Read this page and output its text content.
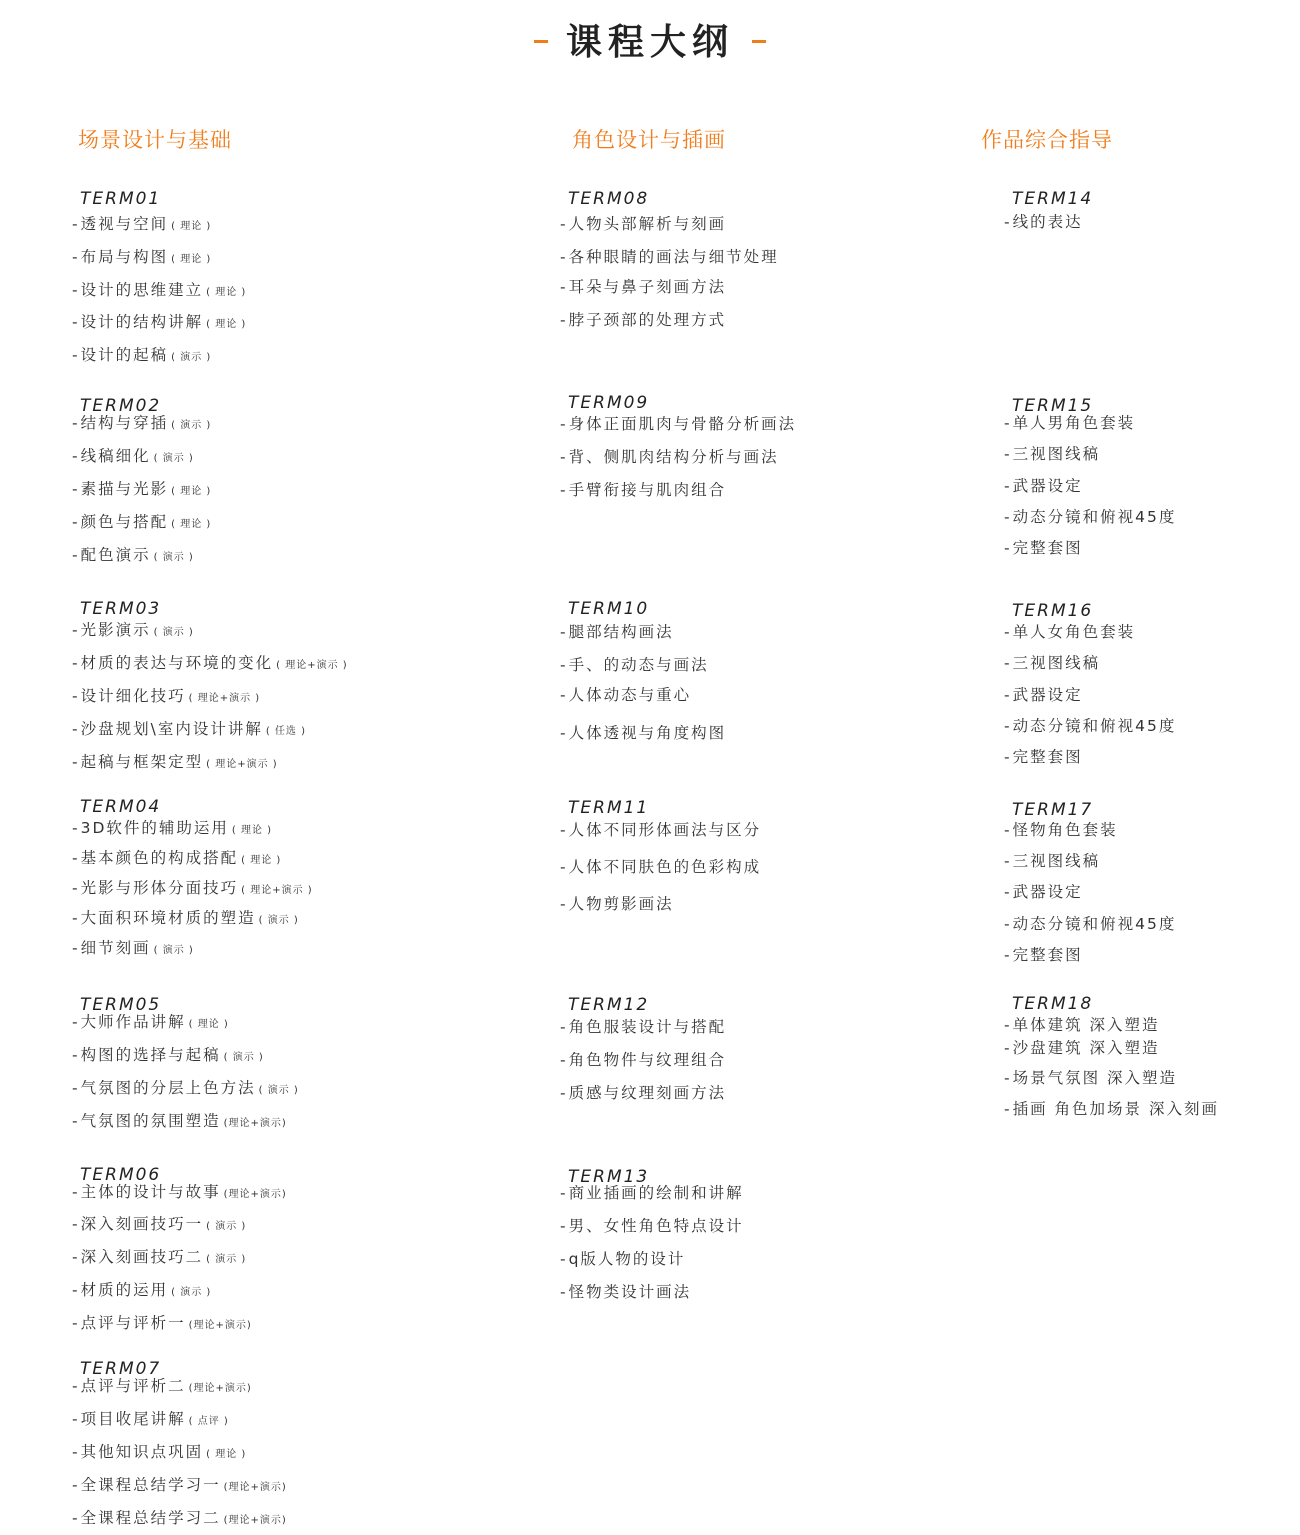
课程大纲
场景设计与基础
TERM01
-透视与空间 ( 理论 )
-布局与构图 ( 理论 )
-设计的思维建立 ( 理论 )
-设计的结构讲解 ( 理论 )
-设计的起稿 ( 演示 )
TERM02
-结构与穿插 ( 演示 )
-线稿细化 ( 演示 )
-素描与光影 ( 理论 )
-颜色与搭配 ( 理论 )
-配色演示 ( 演示 )
TERM03
-光影演示 ( 演示 )
-材质的表达与环境的变化 ( 理论+演示 )
-设计细化技巧 ( 理论+演示 )
-沙盘规划\室内设计讲解 ( 任选 )
-起稿与框架定型 ( 理论+演示 )
TERM04
-3D软件的辅助运用 ( 理论 )
-基本颜色的构成搭配 ( 理论 )
-光影与形体分面技巧 ( 理论+演示 )
-大面积环境材质的塑造 ( 演示 )
-细节刻画 ( 演示 )
TERM05
-大师作品讲解 ( 理论 )
-构图的选择与起稿 ( 演示 )
-气氛图的分层上色方法 ( 演示 )
-气氛图的氛围塑造 (理论+演示)
TERM06
-主体的设计与故事 (理论+演示)
-深入刻画技巧一 ( 演示 )
-深入刻画技巧二 ( 演示 )
-材质的运用 ( 演示 )
-点评与评析一 (理论+演示)
TERM07
-点评与评析二 (理论+演示)
-项目收尾讲解 ( 点评 )
-其他知识点巩固 ( 理论 )
-全课程总结学习一 (理论+演示)
-全课程总结学习二 (理论+演示)
角色设计与插画
TERM08
-人物头部解析与刻画
-各种眼睛的画法与细节处理
-耳朵与鼻子刻画方法
-脖子颈部的处理方式
TERM09
-身体正面肌肉与骨骼分析画法
-背、侧肌肉结构分析与画法
-手臂衔接与肌肉组合
TERM10
-腿部结构画法
-手、的动态与画法
-人体动态与重心
-人体透视与角度构图
TERM11
-人体不同形体画法与区分
-人体不同肤色的色彩构成
-人物剪影画法
TERM12
-角色服装设计与搭配
-角色物件与纹理组合
-质感与纹理刻画方法
TERM13
-商业插画的绘制和讲解
-男、女性角色特点设计
-q版人物的设计
-怪物类设计画法
作品综合指导
TERM14
-线的表达
TERM15
-单人男角色套装
-三视图线稿
-武器设定
-动态分镜和俯视45度
-完整套图
TERM16
-单人女角色套装
-三视图线稿
-武器设定
-动态分镜和俯视45度
-完整套图
TERM17
-怪物角色套装
-三视图线稿
-武器设定
-动态分镜和俯视45度
-完整套图
TERM18
-单体建筑 深入塑造
-沙盘建筑 深入塑造
-场景气氛图 深入塑造
-插画 角色加场景 深入刻画
